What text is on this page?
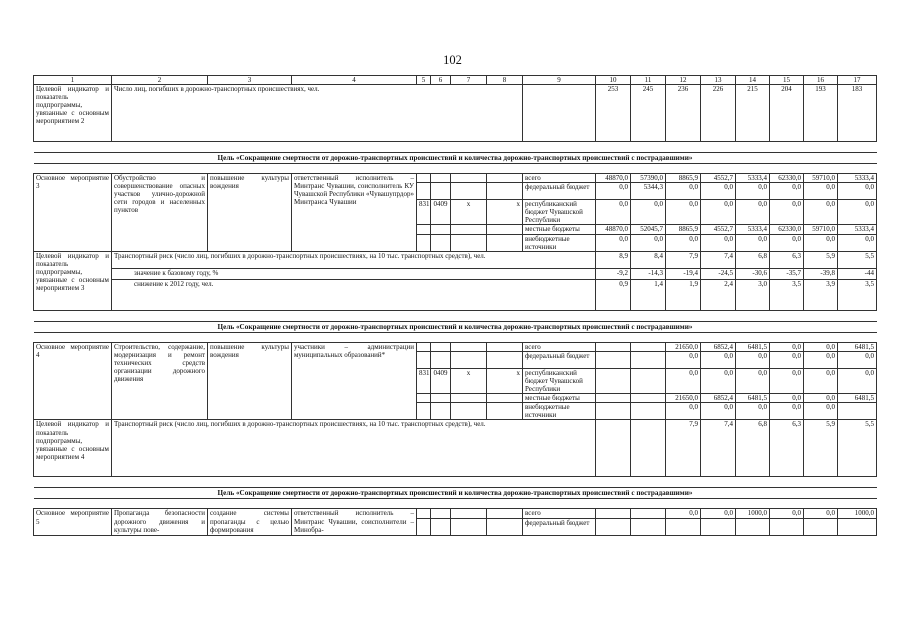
102
1	2	3	4	5	6	7	8	9	10	11	12	13	14	15	16	17
Целевой индикатор и показатель подпрограммы, увязанные с основным мероприятием 2	Число лиц, погибших в дорожно-транспортных происшествиях, чел.								253	245	236	226	215	204	193	183

Цель «Сокращение смертности от дорожно-транспортных происшествий и количества дорожно-транспортных происшествий с пострадавшими»																

Основное мероприятие 3	Обустройство и совершенствование опасных участков улично-дорожной сети городов и населенных пунктов	повышение культуры вождения	ответственный исполнитель – Минтранс Чувашии, соисполнитель КУ Чувашской Республики «Чувашупрдор» Минтранса Чувашии					всего	48870,0	57390,0	8865,9	4552,7	5333,4	62330,0	59710,0	5333,4
								федеральный бюджет	0,0	5344,3	0,0	0,0	0,0	0,0	0,0	0,0
				831	0409	x	x	республиканский бюджет Чувашской Республики	0,0	0,0	0,0	0,0	0,0	0,0	0,0	0,0
								местные бюджеты	48870,0	52045,7	8865,9	4552,7	5333,4	62330,0	59710,0	5333,4
								внебюджетные источники	0,0	0,0	0,0	0,0	0,0	0,0	0,0	0,0
Целевой индикатор и показатель подпрограммы, увязанные с основным мероприятием 3	Транспортный риск (число лиц, погибших в дорожно-транспортных происшествиях, на 10 тыс. транспортных средств), чел.								8,9	8,4	7,9	7,4	6,8	6,3	5,9	5,5
	значение к базовому году, %								-9,2	-14,3	-19,4	-24,5	-30,6	-35,7	-39,8	-44
	снижение к 2012 году, чел.								0,9	1,4	1,9	2,4	3,0	3,5	3,9	3,5

Цель «Сокращение смертности от дорожно-транспортных происшествий и количества дорожно-транспортных происшествий с пострадавшими»																

Основное мероприятие 4	Строительство, содержание, модернизация и ремонт технических средств организации дорожного движения	повышение культуры вождения	участники – администрации муниципальных образований*					всего			21650,0	6852,4	6481,5	0,0	0,0	6481,5
								федеральный бюджет			0,0	0,0	0,0	0,0	0,0	0,0
				831	0409	x	x	республиканский бюджет Чувашской Республики			0,0	0,0	0,0	0,0	0,0	0,0
								местные бюджеты			21650,0	6852,4	6481,5	0,0	0,0	6481,5
								внебюджетные источники			0,0	0,0	0,0	0,0	0,0	
Целевой индикатор и показатель подпрограммы, увязанные с основным мероприятием 4	Транспортный риск (число лиц, погибших в дорожно-транспортных происшествиях, на 10 тыс. транспортных средств), чел.										7,9	7,4	6,8	6,3	5,9	5,5

Цель «Сокращение смертности от дорожно-транспортных происшествий и количества дорожно-транспортных происшествий с пострадавшими»																

Основное мероприятие 5	Пропаганда безопасности дорожного движения и культуры пове-	создание системы пропаганды с целью формирования	ответственный исполнитель – Минтранс Чувашии, соисполнители – Минобра-					всего			0,0	0,0	1000,0	0,0	0,0	1000,0
								федеральный бюджет								
